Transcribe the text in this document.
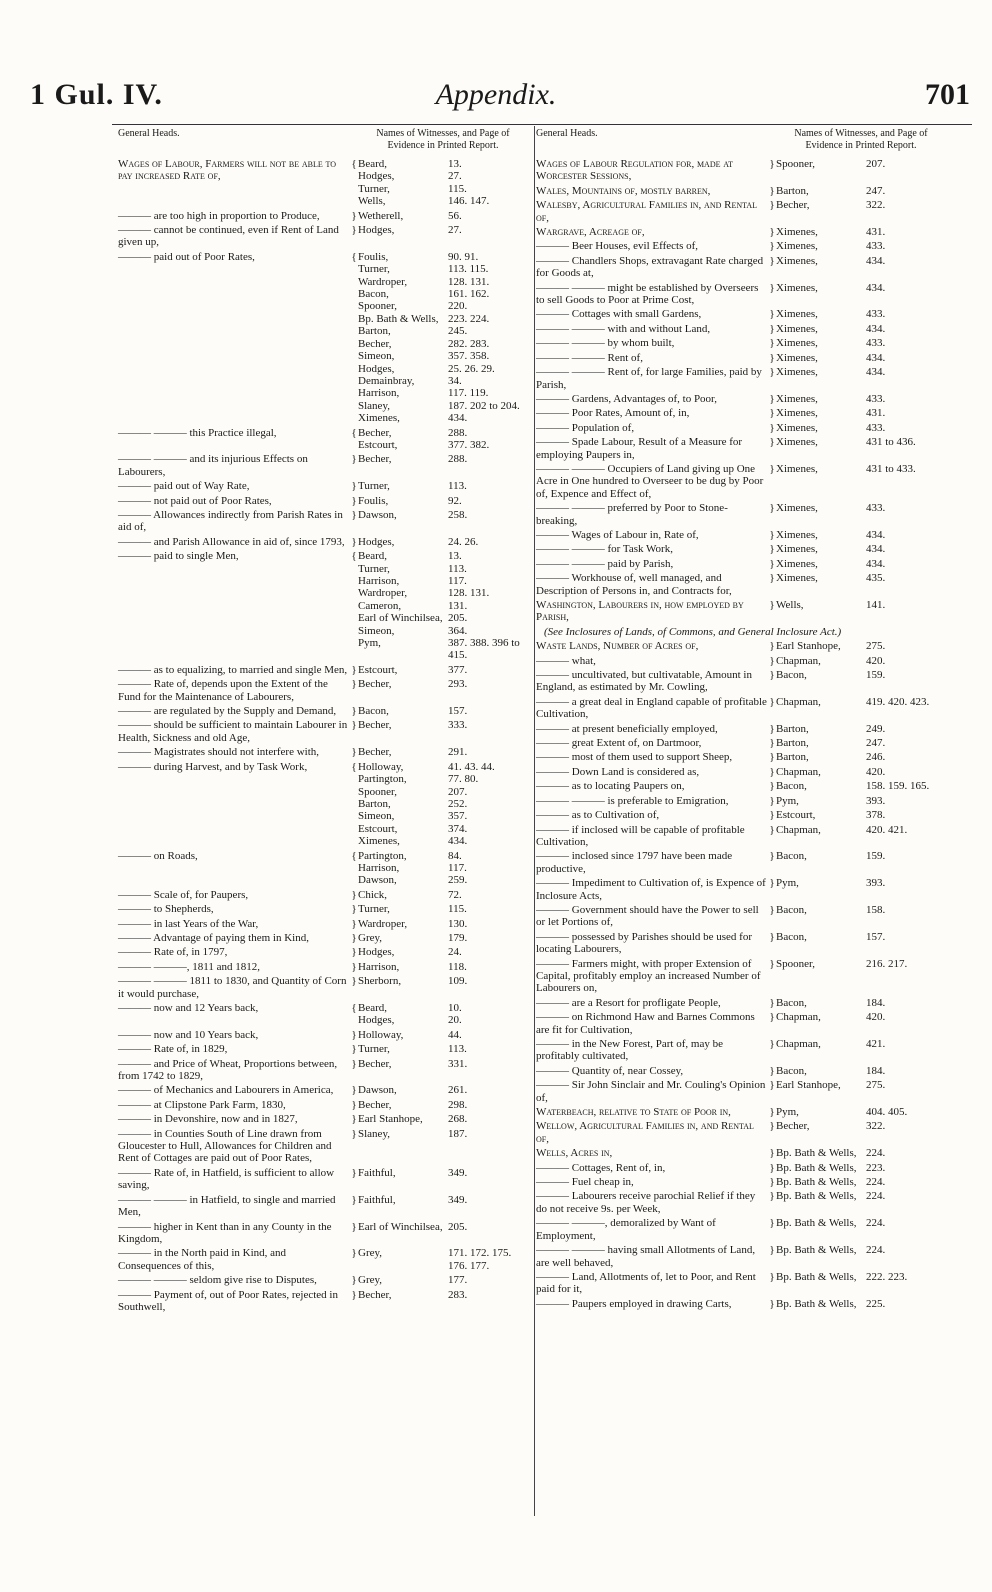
1 Gul. IV.	Appendix.	701
General Heads.	Names of Witnesses, and Page of Evidence in Printed Report.
Wages of Labour, Farmers will not be able to pay increased Rate of,
{ Beard,	13.
Hodges,	27.
Turner,	115.
Wells,	146. 147.
——— are too high in proportion to Produce,	} Wetherell,	56.
——— cannot be continued, even if Rent of Land given up,
} Hodges,	27.
——— paid out of Poor Rates,	{ Foulis,	90. 91.
Turner,	113. 115.
Wardroper,	128. 131.
Bacon,	161. 162.
Spooner,	220.
Bp. Bath & Wells, 223. 224.
Barton,	245.
Becher,	282. 283.
Simeon,	357. 358.
Hodges,	25. 26. 29.
Demainbray,	34.
Harrison,	117. 119.
Slaney,	187. 202 to 204.
Ximenes,	434.
——— ——— this Practice illegal,	{ Becher,	288.
Estcourt,	377. 382.
——— ——— and its injurious Effects on Labourers,
} Becher,	288.
——— paid out of Way Rate,	} Turner,	113.
——— not paid out of Poor Rates,	} Foulis,	92.
——— Allowances indirectly from Parish Rates in aid of,
} Dawson,	258.
——— and Parish Allowance in aid of, since 1793, } Hodges,	24. 26.
——— paid to single Men,	{ Beard,	13.
Turner,	113.
Harrison,	117.
Wardroper,	128. 131.
Cameron,	131.
Earl of Winchilsea, 205.
Simeon,	364.
Pym,	387. 388. 396 to 415.
——— as to equalizing, to married and single Men, } Estcourt,	377.
——— Rate of, depends upon the Extent of the Fund for the Maintenance of Labourers,
} Becher,	293.
——— are regulated by the Supply and Demand,	} Bacon,	157.
——— should be sufficient to maintain Labourer in Health, Sickness and old Age,
} Becher,	333.
——— Magistrates should not interfere with,	} Becher,	291.
——— during Harvest, and by Task Work,	{ Holloway,	41. 43. 44.
Partington,	77. 80.
Spooner,	207.
Barton,	252.
Simeon,	357.
Estcourt,	374.
Ximenes,	434.
——— on Roads,	{ Partington,	84.
Harrison,	117.
Dawson,	259.
——— Scale of, for Paupers,	} Chick,	72.
——— to Shepherds,	} Turner,	115.
——— in last Years of the War,	} Wardroper,	130.
——— Advantage of paying them in Kind,	} Grey,	179.
——— Rate of, in 1797,	} Hodges,	24.
——— ———, 1811 and 1812,	} Harrison,	118.
——— ——— 1811 to 1830, and Quantity of Corn it would purchase,
} Sherborn,	109.
——— now and 12 Years back,	{ Beard,	10.
Hodges,	20.
——— now and 10 Years back,	} Holloway,	44.
——— Rate of, in 1829,	} Turner,	113.
——— and Price of Wheat, Proportions between, from 1742 to 1829,
} Becher,	331.
——— of Mechanics and Labourers in America,	} Dawson,	261.
——— at Clipstone Park Farm, 1830,	} Becher,	298.
——— in Devonshire, now and in 1827,	} Earl Stanhope,	268.
——— in Counties South of Line drawn from Gloucester to Hull, Allowances for Children and Rent of Cottages are paid out of Poor Rates,
} Slaney,	187.
——— Rate of, in Hatfield, is sufficient to allow saving,
} Faithful,	349.
——— ——— in Hatfield, to single and married Men,
} Faithful,	349.
——— higher in Kent than in any County in the Kingdom,
} Earl of Winchilsea, 205.
——— in the North paid in Kind, and Consequences of this,
} Grey,	171. 172. 175. 176. 177.
——— ——— seldom give rise to Disputes,	} Grey,	177.
——— Payment of, out of Poor Rates, rejected in Southwell,
} Becher,	283.
General Heads.	Names of Witnesses, and Page of Evidence in Printed Report.
Wages of Labour Regulation for, made at Worcester Sessions,
} Spooner,	207.
Wales, Mountains of, mostly barren,	} Barton,	247.
Walesby, Agricultural Families in, and Rental of,
} Becher,	322.
Wargrave, Acreage of,	} Ximenes,	431.
——— Beer Houses, evil Effects of,	} Ximenes,	433.
——— Chandlers Shops, extravagant Rate charged for Goods at,
} Ximenes,	434.
——— ——— might be established by Overseers to sell Goods to Poor at Prime Cost,
} Ximenes,	434.
——— Cottages with small Gardens,	} Ximenes,	433.
——— ——— with and without Land,	} Ximenes,	434.
——— ——— by whom built,	} Ximenes,	433.
——— ——— Rent of,	} Ximenes,	434.
——— ——— Rent of, for large Families, paid by Parish,
} Ximenes,	434.
——— Gardens, Advantages of, to Poor,	} Ximenes,	433.
——— Poor Rates, Amount of, in,	} Ximenes,	431.
——— Population of,	} Ximenes,	433.
——— Spade Labour, Result of a Measure for employing Paupers in,
} Ximenes,	431 to 436.
——— ——— Occupiers of Land giving up One Acre in One hundred to Overseer to be dug by Poor of, Expence and Effect of,
} Ximenes,	431 to 433.
——— ——— preferred by Poor to Stone-breaking,
} Ximenes,	433.
——— Wages of Labour in, Rate of,	} Ximenes,	434.
——— ——— for Task Work,	} Ximenes,	434.
——— ——— paid by Parish,	} Ximenes,	434.
——— Workhouse of, well managed, and Description of Persons in, and Contracts for,
} Ximenes,	435.
Washington, Labourers in, how employed by Parish,
} Wells,	141.
(See Inclosures of Lands, of Commons, and General Inclosure Act.)
Waste Lands, Number of Acres of,	} Earl Stanhope,	275.
——— what,	} Chapman,	420.
——— uncultivated, but cultivatable, Amount in England, as estimated by Mr. Cowling,
} Bacon,	159.
——— a great deal in England capable of profitable Cultivation,
} Chapman,	419. 420. 423.
——— at present beneficially employed,	} Barton,	249.
——— great Extent of, on Dartmoor,	} Barton,	247.
——— most of them used to support Sheep,	} Barton,	246.
——— Down Land is considered as,	} Chapman,	420.
——— as to locating Paupers on,	} Bacon,	158. 159. 165.
——— ——— is preferable to Emigration,	} Pym,	393.
——— as to Cultivation of,	} Estcourt,	378.
——— if inclosed will be capable of profitable Cultivation,
} Chapman,	420. 421.
——— inclosed since 1797 have been made productive,
} Bacon,	159.
——— Impediment to Cultivation of, is Expence of Inclosure Acts,
} Pym,	393.
——— Government should have the Power to sell or let Portions of,
} Bacon,	158.
——— possessed by Parishes should be used for locating Labourers,
} Bacon,	157.
——— Farmers might, with proper Extension of Capital, profitably employ an increased Number of Labourers on,
} Spooner,	216. 217.
——— are a Resort for profligate People,	} Bacon,	184.
——— on Richmond Haw and Barnes Commons are fit for Cultivation,
} Chapman,	420.
——— in the New Forest, Part of, may be profitably cultivated,
} Chapman,	421.
——— Quantity of, near Cossey,	} Bacon,	184.
——— Sir John Sinclair and Mr. Couling's Opinion of,
} Earl Stanhope,	275.
Waterbeach, relative to State of Poor in,	} Pym,	404. 405.
Wellow, Agricultural Families in, and Rental of,
} Becher,	322.
Wells, Acres in,	} Bp. Bath & Wells, 224.
——— Cottages, Rent of, in,	} Bp. Bath & Wells, 223.
——— Fuel cheap in,	} Bp. Bath & Wells, 224.
——— Labourers receive parochial Relief if they do not receive 9s. per Week,
} Bp. Bath & Wells, 224.
——— ———, demoralized by Want of Employment,
} Bp. Bath & Wells, 224.
——— ——— having small Allotments of Land, are well behaved,
} Bp. Bath & Wells, 224.
——— Land, Allotments of, let to Poor, and Rent paid for it,
} Bp. Bath & Wells, 222. 223.
——— Paupers employed in drawing Carts,	} Bp. Bath & Wells, 225.
